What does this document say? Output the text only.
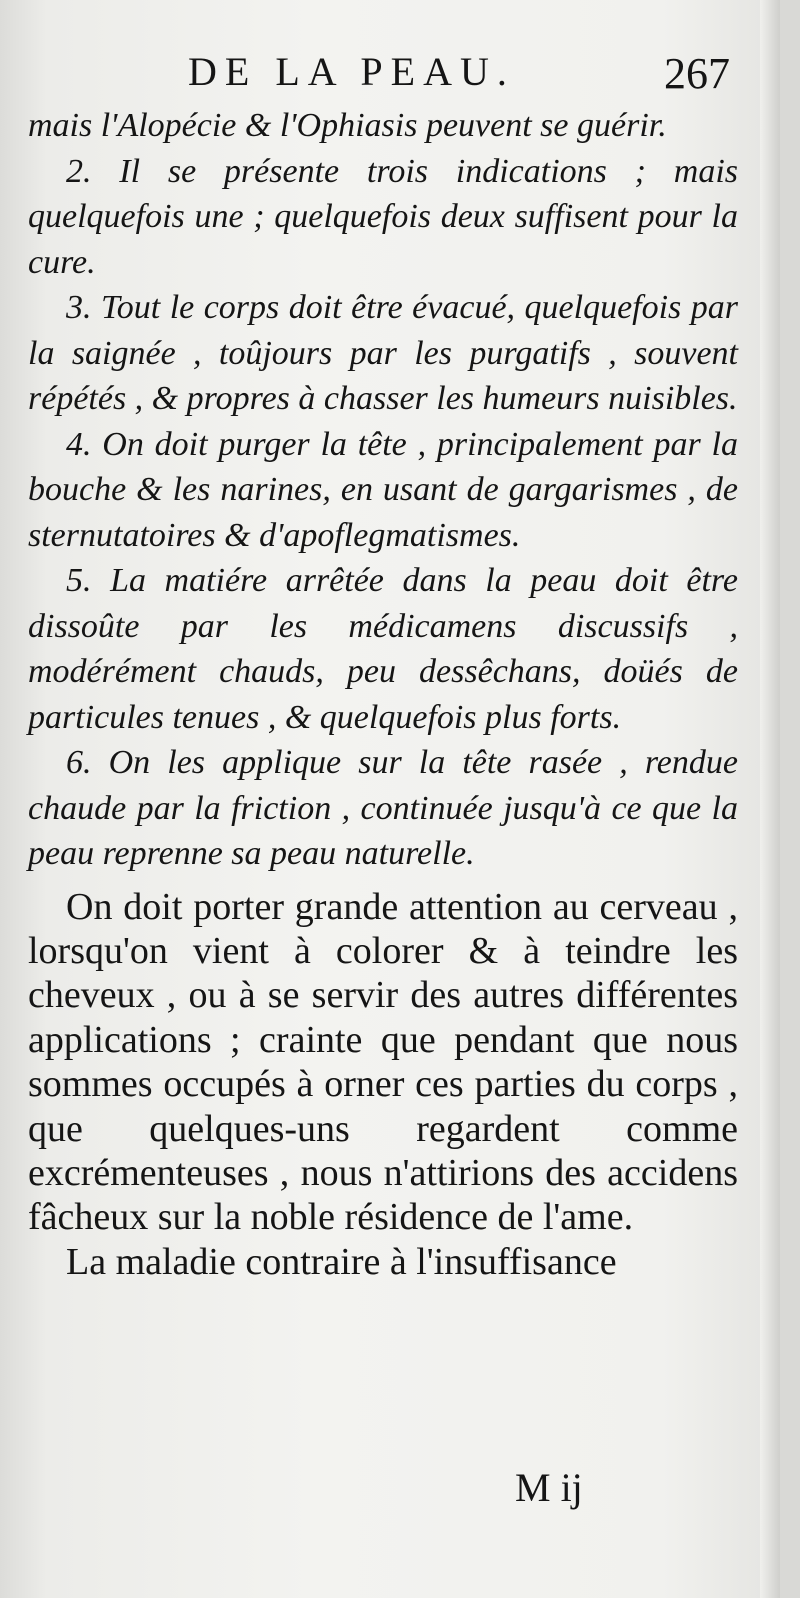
DE LA PEAU.	267

mais l'Alopécie & l'Ophiasis peuvent se guérir.

2. Il se présente trois indications ; mais quelquefois une ; quelquefois deux suffisent pour la cure.

3. Tout le corps doit être évacué, quelquefois par la saignée , toûjours par les purgatifs , souvent répétés , & propres à chasser les humeurs nuisibles.

4. On doit purger la tête , principalement par la bouche & les narines, en usant de gargarismes , de sternutatoires & d'apoflegmatismes.

5. La matiére arrêtée dans la peau doit être dissoûte par les médicamens discussifs , modérément chauds, peu dessêchans, doüés de particules tenues , & quelquefois plus forts.

6. On les applique sur la tête rasée , rendue chaude par la friction , continuée jusqu'à ce que la peau reprenne sa peau naturelle.

On doit porter grande attention au cerveau , lorsqu'on vient à colorer & à teindre les cheveux , ou à se servir des autres différentes applications ; crainte que pendant que nous sommes occupés à orner ces parties du corps , que quelques-uns regardent comme excrémenteuses , nous n'attirions des accidens fâcheux sur la noble résidence de l'ame.

La maladie contraire à l'insuffisance

M ij
